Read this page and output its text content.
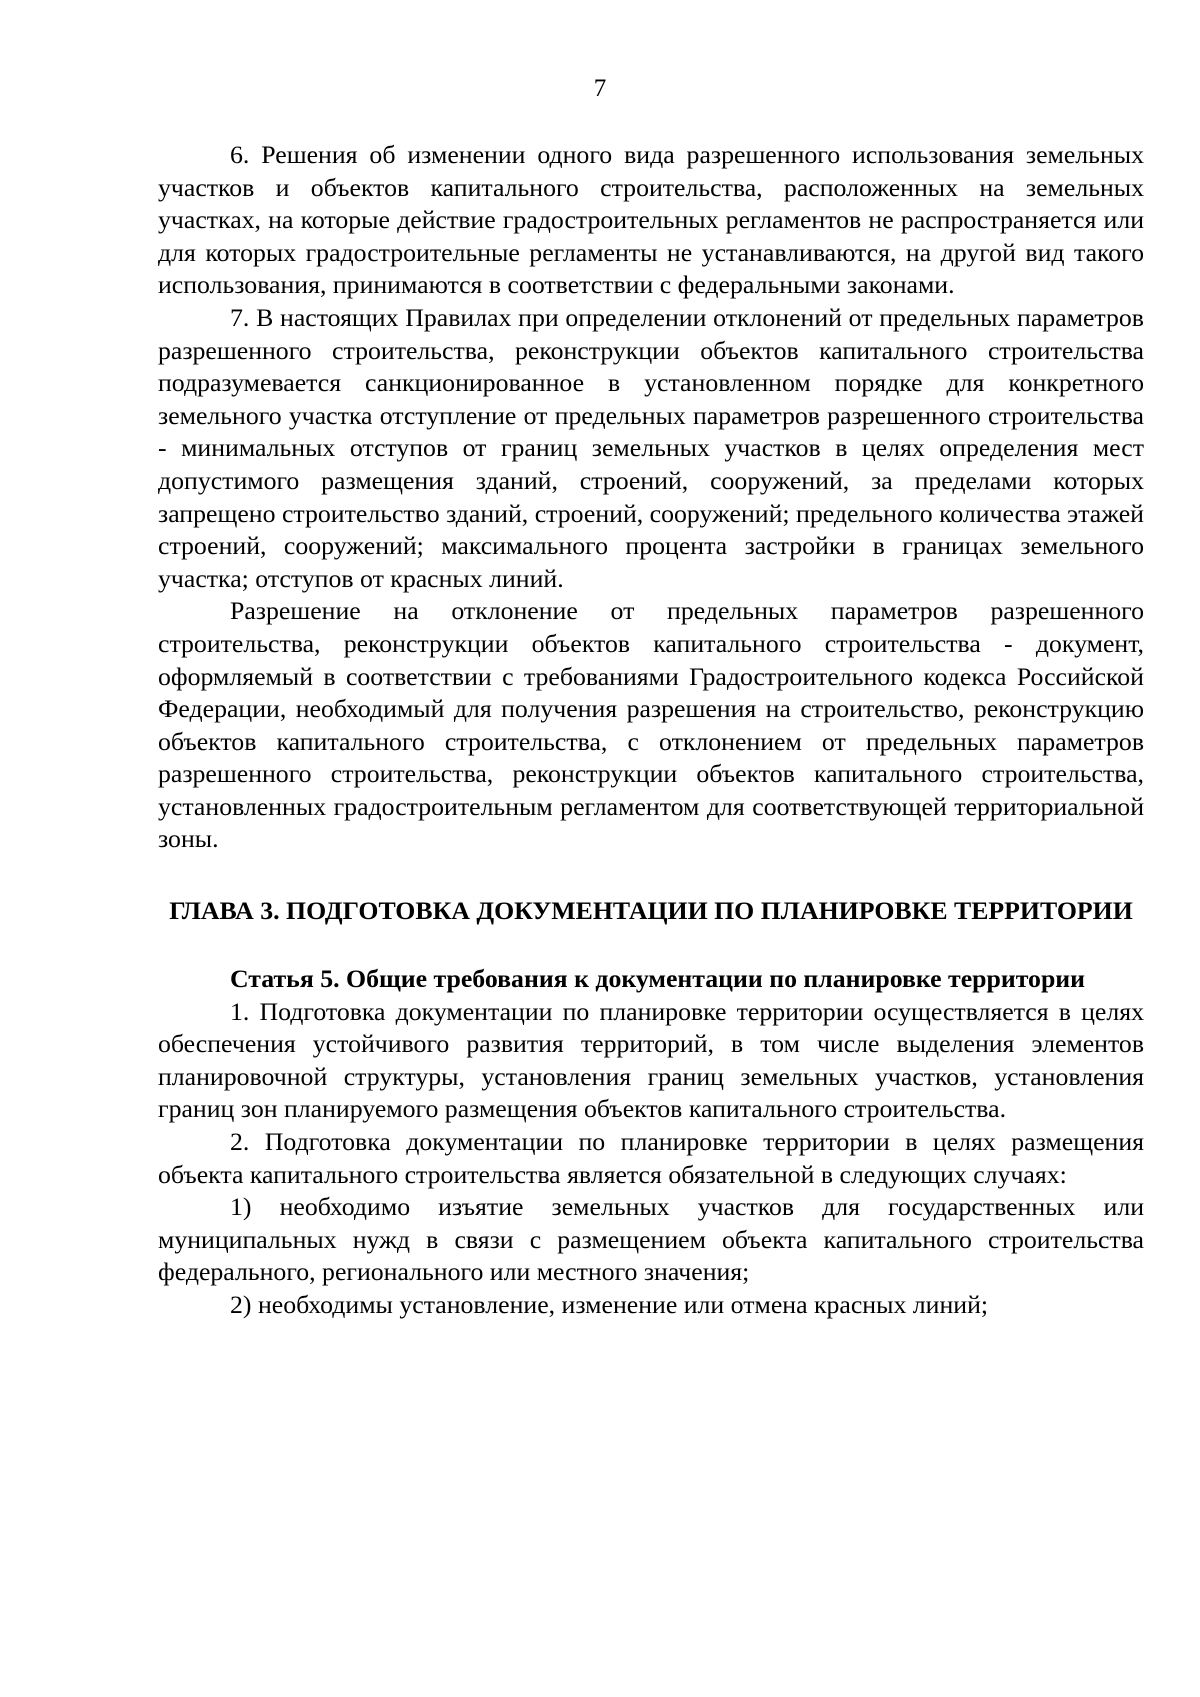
7

6. Решения об изменении одного вида разрешенного использования земельных участков и объектов капитального строительства, расположенных на земельных участках, на которые действие градостроительных регламентов не распространяется или для которых градостроительные регламенты не устанавливаются, на другой вид такого использования, принимаются в соответствии с федеральными законами.

7. В настоящих Правилах при определении отклонений от предельных параметров разрешенного строительства, реконструкции объектов капитального строительства подразумевается санкционированное в установленном порядке для конкретного земельного участка отступление от предельных параметров разрешенного строительства - минимальных отступов от границ земельных участков в целях определения мест допустимого размещения зданий, строений, сооружений, за пределами которых запрещено строительство зданий, строений, сооружений; предельного количества этажей строений, сооружений; максимального процента застройки в границах земельного участка; отступов от красных линий.

Разрешение на отклонение от предельных параметров разрешенного строительства, реконструкции объектов капитального строительства - документ, оформляемый в соответствии с требованиями Градостроительного кодекса Российской Федерации, необходимый для получения разрешения на строительство, реконструкцию объектов капитального строительства, с отклонением от предельных параметров разрешенного строительства, реконструкции объектов капитального строительства, установленных градостроительным регламентом для соответствующей территориальной зоны.

ГЛАВА 3. ПОДГОТОВКА ДОКУМЕНТАЦИИ ПО ПЛАНИРОВКЕ ТЕРРИТОРИИ

Статья 5. Общие требования к документации по планировке территории

1. Подготовка документации по планировке территории осуществляется в целях обеспечения устойчивого развития территорий, в том числе выделения элементов планировочной структуры, установления границ земельных участков, установления границ зон планируемого размещения объектов капитального строительства.

2. Подготовка документации по планировке территории в целях размещения объекта капитального строительства является обязательной в следующих случаях:

1) необходимо изъятие земельных участков для государственных или муниципальных нужд в связи с размещением объекта капитального строительства федерального, регионального или местного значения;

2) необходимы установление, изменение или отмена красных линий;
